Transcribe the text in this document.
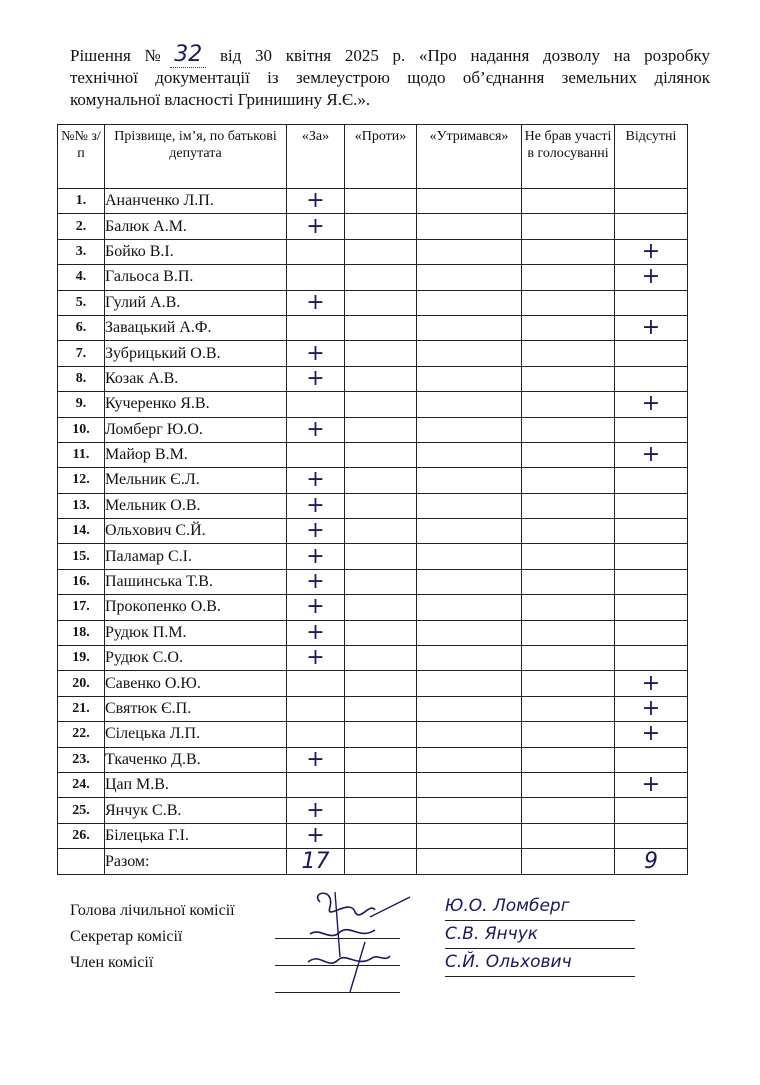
Рішення № 32 від 30 квітня 2025 р. «Про надання дозволу на розробку
технічної документації із землеустрою щодо об’єднання земельних ділянок
комунальної власності Гринишину Я.Є.».
№№ з/п	Прізвище, ім’я, по батькові депутата	«За»	«Проти»	«Утримався»	Не брав участі в голосуванні	Відсутні
1.	Ананченко Л.П.	+				
2.	Балюк А.М.	+				
3.	Бойко В.І.					+
4.	Гальоса В.П.					+
5.	Гулий А.В.	+				
6.	Завацький А.Ф.					+
7.	Зубрицький О.В.	+				
8.	Козак А.В.	+				
9.	Кучеренко Я.В.					+
10.	Ломберг Ю.О.	+				
11.	Майор В.М.					+
12.	Мельник Є.Л.	+				
13.	Мельник О.В.	+				
14.	Ольхович С.Й.	+				
15.	Паламар С.І.	+				
16.	Пашинська Т.В.	+				
17.	Прокопенко О.В.	+				
18.	Рудюк П.М.	+				
19.	Рудюк С.О.	+				
20.	Савенко О.Ю.					+
21.	Святюк Є.П.					+
22.	Сілецька Л.П.					+
23.	Ткаченко Д.В.	+				
24.	Цап М.В.					+
25.	Янчук С.В.	+				
26.	Білецька Г.І.	+				
	Разом:	17				9
Голова лічильної комісії
Секретар комісії
Член комісії
Ю.О. Ломберг
С.В. Янчук
С.Й. Ольхович
